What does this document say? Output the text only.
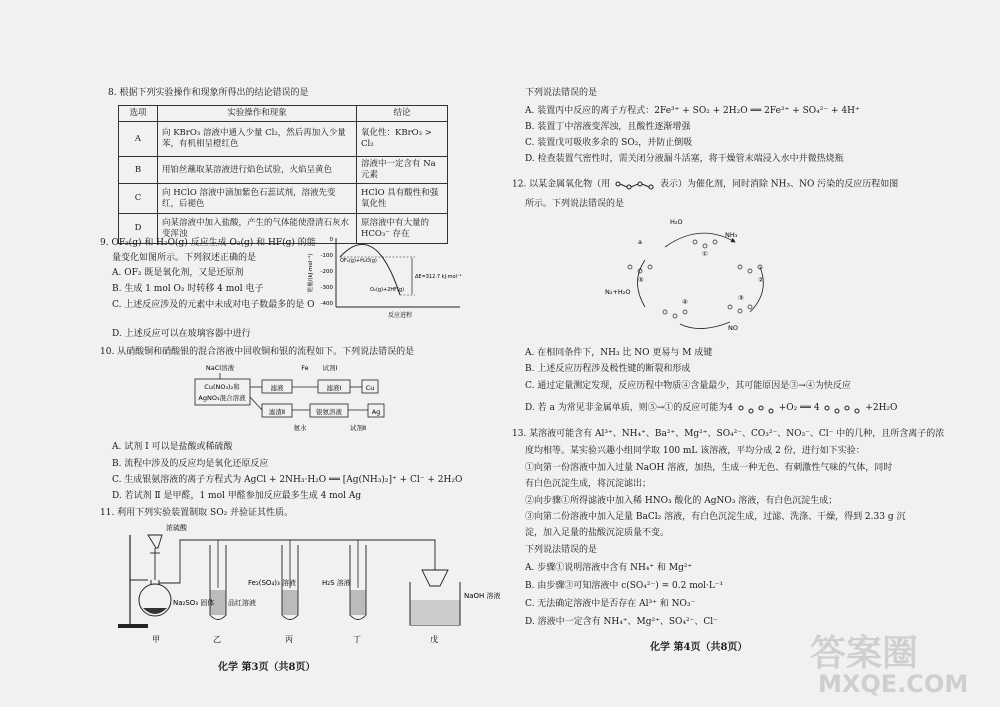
8. 根据下列实验操作和现象所得出的结论错误的是
选项	实验操作和现象	结论
A	向 KBrO₃ 溶液中通入少量 Cl₂，然后再加入少量苯，有机相呈橙红色	氧化性：KBrO₃ > Cl₂
B	用铂丝蘸取某溶液进行焰色试验，火焰呈黄色	溶液中一定含有 Na 元素
C	向 HClO 溶液中滴加紫色石蕊试剂，溶液先变红，后褪色	HClO 具有酸性和强氧化性
D	向某溶液中加入盐酸，产生的气体能使澄清石灰水变浑浊	原溶液中有大量的 HCO₃⁻ 存在
9. OF₂(g) 和 H₂O(g) 反应生成 O₂(g) 和 HF(g) 的能
量变化如图所示。下列叙述正确的是
A. OF₂ 既是氧化剂，又是还原剂
B. 生成 1 mol O₂ 时转移 4 mol 电子
C. 上述反应涉及的元素中未成对电子数最多的是 O
D. 上述反应可以在玻璃容器中进行
0
-100
-200
-300
-400
能量/(kJ·mol⁻¹)
反应进程
OF₂(g)+H₂O(g)
O₂(g)+2HF(g)
ΔE=312.7 kJ·mol⁻¹
10. 从硝酸铜和硝酸银的混合溶液中回收铜和银的流程如下。下列说法错误的是
NaCl溶液
Cu(NO₃)₂和
AgNO₃混合溶液
滤液
Fe 试剂Ⅰ
滤液Ⅰ	Cu
滤渣Ⅱ
氨水
银氨溶液
试剂Ⅱ
Ag
A. 试剂 Ⅰ 可以是盐酸或稀硫酸
B. 流程中涉及的反应均是氧化还原反应
C. 生成银氨溶液的离子方程式为 AgCl + 2NH₃·H₂O ══ [Ag(NH₃)₂]⁺ + Cl⁻ + 2H₂O
D. 若试剂 Ⅱ 是甲醛，1 mol 甲醛参加反应最多生成 4 mol Ag
11. 利用下列实验装置制取 SO₂ 并验证其性质。
浓硫酸
Na₂SO₃ 固体
Fe₂(SO₄)₃ 溶液
品红溶液
H₂S 溶液
NaOH 溶液
甲	乙	丙	丁	戊
化学 第3页（共8页）
下列说法错误的是
A. 装置丙中反应的离子方程式：2Fe³⁺ + SO₂ + 2H₂O ══ 2Fe²⁺ + SO₄²⁻ + 4H⁺
B. 装置丁中溶液变浑浊，且酸性逐渐增强
C. 装置戊可吸收多余的 SO₂，并防止倒吸
D. 检查装置气密性时，需关闭分液漏斗活塞，将干燥管末端浸入水中并微热烧瓶
12. 以某金属氧化物（用	表示）为催化剂，同时消除 NH₃、NO 污染的反应历程如图
所示。下列说法错误的是
H₂O
NH₃
a
N₂+H₂O
NO
①
②
③
④
⑤
A. 在相同条件下，NH₃ 比 NO 更易与 M 成键
B. 上述反应历程涉及极性键的断裂和形成
C. 通过定量测定发现，反应历程中物质④含量最少，其可能原因是③→④为快反应
D. 若 a 为常见非金属单质，则⑤→①的反应可能为4	+O₂ ══ 4	+2H₂O
13. 某溶液可能含有 Al³⁺、NH₄⁺、Ba²⁺、Mg²⁺、SO₄²⁻、CO₃²⁻、NO₃⁻、Cl⁻ 中的几种，且所含离子的浓
度均相等。某实验兴趣小组同学取 100 mL 该溶液，平均分成 2 份，进行如下实验：
①向第一份溶液中加入过量 NaOH 溶液，加热，生成一种无色、有刺激性气味的气体，同时
有白色沉淀生成，将沉淀滤出；
②向步骤①所得滤液中加入稀 HNO₃ 酸化的 AgNO₃ 溶液，有白色沉淀生成；
③向第二份溶液中加入足量 BaCl₂ 溶液，有白色沉淀生成，过滤、洗涤、干燥，得到 2.33 g 沉
淀，加入足量的盐酸沉淀质量不变。
下列说法错误的是
A. 步骤①说明溶液中含有 NH₄⁺ 和 Mg²⁺
B. 由步骤③可知溶液中 c(SO₄²⁻) = 0.2 mol·L⁻¹
C. 无法确定溶液中是否存在 Al³⁺ 和 NO₃⁻
D. 溶液中一定含有 NH₄⁺、Mg²⁺、SO₄²⁻、Cl⁻
化学 第4页（共8页） 答案圈
MXQE.COM
